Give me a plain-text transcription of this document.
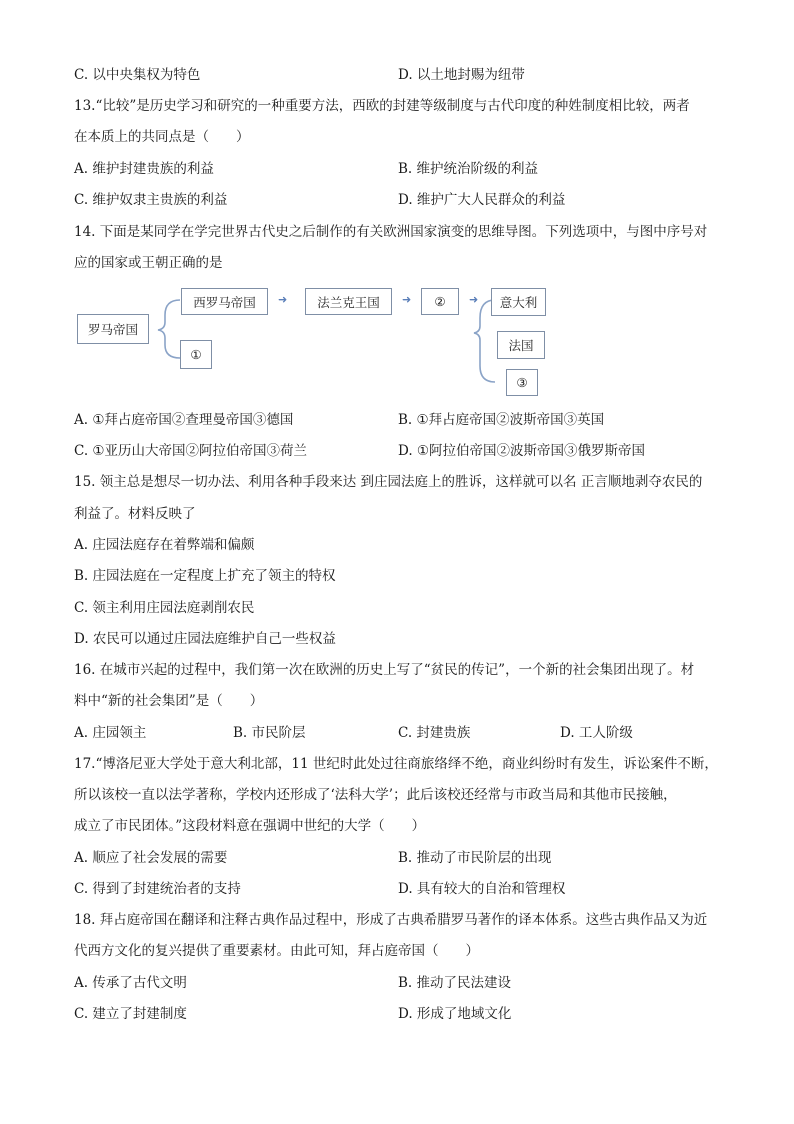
C. 以中央集权为特色	D. 以土地封赐为纽带
13.“比较”是历史学习和研究的一种重要方法，西欧的封建等级制度与古代印度的种姓制度相比较，两者
在本质上的共同点是（　　）
A. 维护封建贵族的利益	B. 维护统治阶级的利益
C. 维护奴隶主贵族的利益	D. 维护广大人民群众的利益
14. 下面是某同学在学完世界古代史之后制作的有关欧洲国家演变的思维导图。下列选项中，与图中序号对
应的国家或王朝正确的是
罗马帝国
西罗马帝国	➜	法兰克王国	➜	②	➜
①
意大利
法国
③
A. ①拜占庭帝国②查理曼帝国③德国	B. ①拜占庭帝国②波斯帝国③英国
C. ①亚历山大帝国②阿拉伯帝国③荷兰	D. ①阿拉伯帝国②波斯帝国③俄罗斯帝国
15. 领主总是想尽一切办法、利用各种手段来达 到庄园法庭上的胜诉，这样就可以名 正言顺地剥夺农民的
利益了。材料反映了
A. 庄园法庭存在着弊端和偏颇
B. 庄园法庭在一定程度上扩充了领主的特权
C. 领主利用庄园法庭剥削农民
D. 农民可以通过庄园法庭维护自己一些权益
16. 在城市兴起的过程中，我们第一次在欧洲的历史上写了“贫民的传记”，一个新的社会集团出现了。材
料中“新的社会集团”是（　　）
A. 庄园领主	B. 市民阶层	C. 封建贵族	D. 工人阶级
17.“博洛尼亚大学处于意大利北部，11 世纪时此处过往商旅络绎不绝，商业纠纷时有发生，诉讼案件不断，
所以该校一直以法学著称，学校内还形成了‘法科大学’；此后该校还经常与市政当局和其他市民接触，
成立了市民团体。”这段材料意在强调中世纪的大学（　　）
A. 顺应了社会发展的需要	B. 推动了市民阶层的出现
C. 得到了封建统治者的支持	D. 具有较大的自治和管理权
18. 拜占庭帝国在翻译和注释古典作品过程中，形成了古典希腊罗马著作的译本体系。这些古典作品又为近
代西方文化的复兴提供了重要素材。由此可知，拜占庭帝国（　　）
A. 传承了古代文明	B. 推动了民法建设
C. 建立了封建制度	D. 形成了地域文化
